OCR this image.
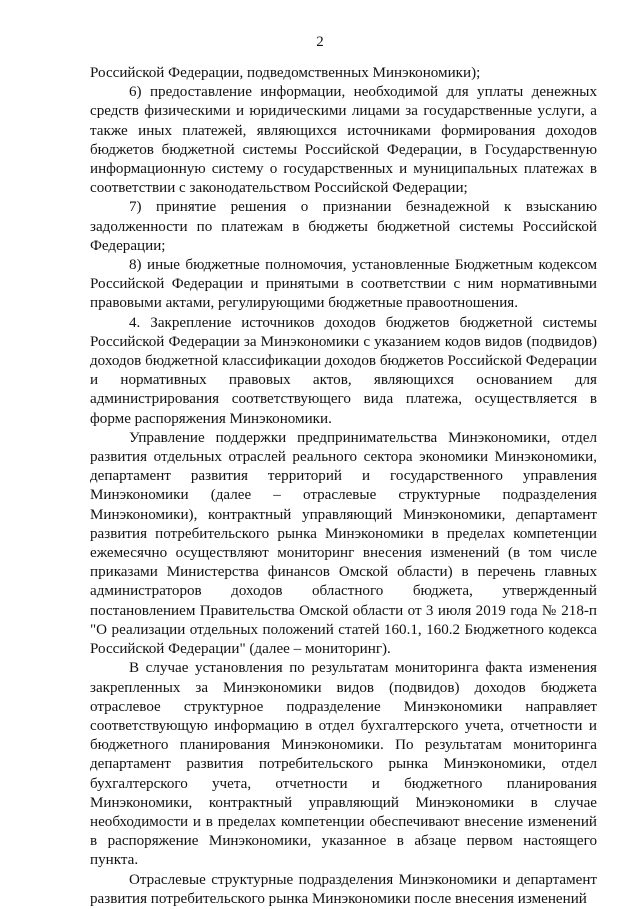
2

Российской Федерации, подведомственных Минэкономики);

6) предоставление информации, необходимой для уплаты денежных средств физическими и юридическими лицами за государственные услуги, а также иных платежей, являющихся источниками формирования доходов бюджетов бюджетной системы Российской Федерации, в Государственную информационную систему о государственных и муниципальных платежах в соответствии с законодательством Российской Федерации;

7) принятие решения о признании безнадежной к взысканию задолженности по платежам в бюджеты бюджетной системы Российской Федерации;

8) иные бюджетные полномочия, установленные Бюджетным кодексом Российской Федерации и принятыми в соответствии с ним нормативными правовыми актами, регулирующими бюджетные правоотношения.

4. Закрепление источников доходов бюджетов бюджетной системы Российской Федерации за Минэкономики с указанием кодов видов (подвидов) доходов бюджетной классификации доходов бюджетов Российской Федерации и нормативных правовых актов, являющихся основанием для администрирования соответствующего вида платежа, осуществляется в форме распоряжения Минэкономики.

Управление поддержки предпринимательства Минэкономики, отдел развития отдельных отраслей реального сектора экономики Минэкономики, департамент развития территорий и государственного управления Минэкономики (далее – отраслевые структурные подразделения Минэкономики), контрактный управляющий Минэкономики, департамент развития потребительского рынка Минэкономики в пределах компетенции ежемесячно осуществляют мониторинг внесения изменений (в том числе приказами Министерства финансов Омской области) в перечень главных администраторов доходов областного бюджета, утвержденный постановлением Правительства Омской области от 3 июля 2019 года № 218-п "О реализации отдельных положений статей 160.1, 160.2 Бюджетного кодекса Российской Федерации" (далее – мониторинг).

В случае установления по результатам мониторинга факта изменения закрепленных за Минэкономики видов (подвидов) доходов бюджета отраслевое структурное подразделение Минэкономики направляет соответствующую информацию в отдел бухгалтерского учета, отчетности и бюджетного планирования Минэкономики. По результатам мониторинга департамент развития потребительского рынка Минэкономики, отдел бухгалтерского учета, отчетности и бюджетного планирования Минэкономики, контрактный управляющий Минэкономики в случае необходимости и в пределах компетенции обеспечивают внесение изменений в распоряжение Минэкономики, указанное в абзаце первом настоящего пункта.

Отраслевые структурные подразделения Минэкономики и департамент развития потребительского рынка Минэкономики после внесения изменений
